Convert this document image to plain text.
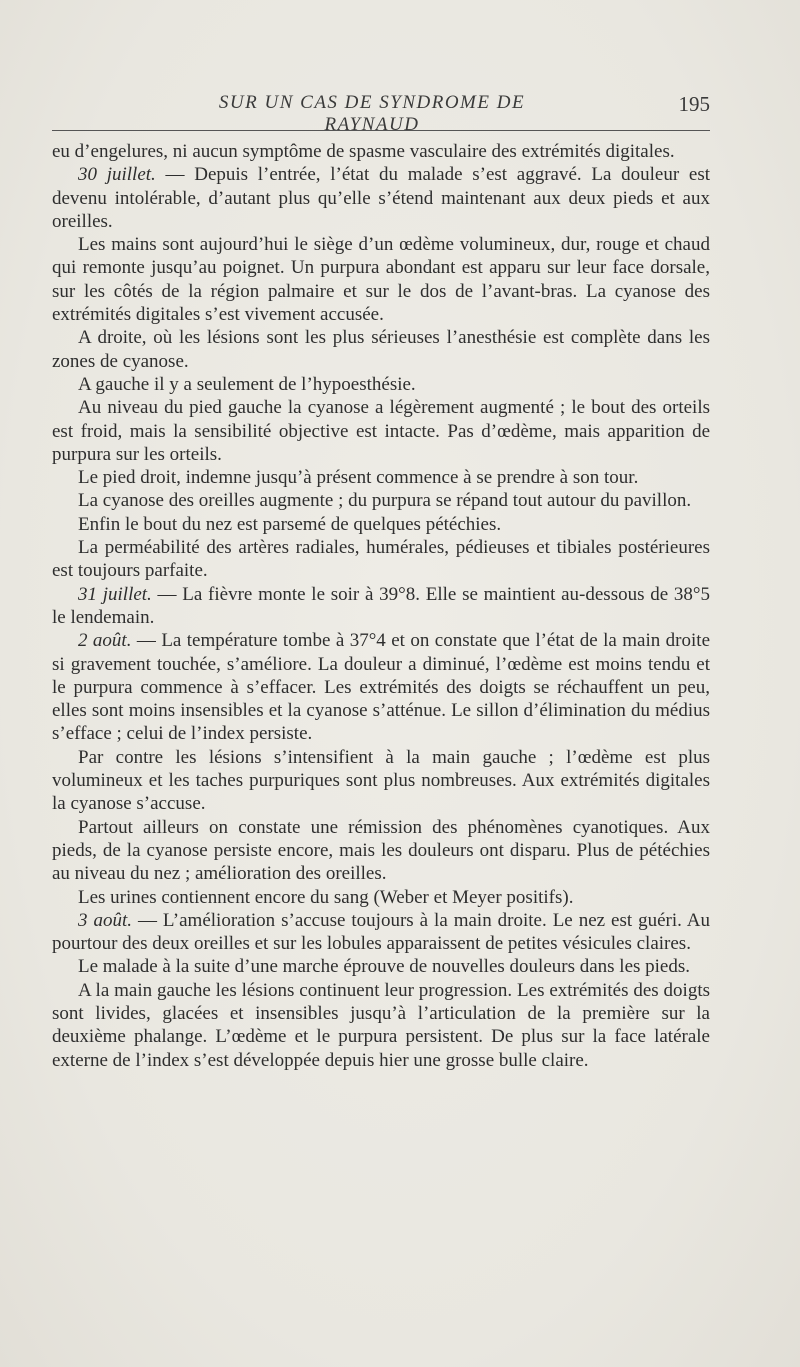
SUR UN CAS DE SYNDROME DE RAYNAUD
195

eu d’engelures, ni aucun symptôme de spasme vasculaire des extrémités digitales.

30 juillet. — Depuis l’entrée, l’état du malade s’est aggravé. La douleur est devenu intolérable, d’autant plus qu’elle s’étend maintenant aux deux pieds et aux oreilles.

Les mains sont aujourd’hui le siège d’un œdème volumineux, dur, rouge et chaud qui remonte jusqu’au poignet. Un purpura abondant est apparu sur leur face dorsale, sur les côtés de la région palmaire et sur le dos de l’avant-bras. La cyanose des extrémités digitales s’est vivement accusée.

A droite, où les lésions sont les plus sérieuses l’anesthésie est complète dans les zones de cyanose.

A gauche il y a seulement de l’hypoesthésie.

Au niveau du pied gauche la cyanose a légèrement augmenté ; le bout des orteils est froid, mais la sensibilité objective est intacte. Pas d’œdème, mais apparition de purpura sur les orteils.

Le pied droit, indemne jusqu’à présent commence à se prendre à son tour.

La cyanose des oreilles augmente ; du purpura se répand tout autour du pavillon.

Enfin le bout du nez est parsemé de quelques pétéchies.

La perméabilité des artères radiales, humérales, pédieuses et tibiales postérieures est toujours parfaite.

31 juillet. — La fièvre monte le soir à 39°8. Elle se maintient au-dessous de 38°5 le lendemain.

2 août. — La température tombe à 37°4 et on constate que l’état de la main droite si gravement touchée, s’améliore. La douleur a diminué, l’œdème est moins tendu et le purpura commence à s’effacer. Les extrémités des doigts se réchauffent un peu, elles sont moins insensibles et la cyanose s’atténue. Le sillon d’élimination du médius s’efface ; celui de l’index persiste.

Par contre les lésions s’intensifient à la main gauche ; l’œdème est plus volumineux et les taches purpuriques sont plus nombreuses. Aux extrémités digitales la cyanose s’accuse.

Partout ailleurs on constate une rémission des phénomènes cyanotiques. Aux pieds, de la cyanose persiste encore, mais les douleurs ont disparu. Plus de pétéchies au niveau du nez ; amélioration des oreilles.

Les urines contiennent encore du sang (Weber et Meyer positifs).

3 août. — L’amélioration s’accuse toujours à la main droite. Le nez est guéri. Au pourtour des deux oreilles et sur les lobules apparaissent de petites vésicules claires.

Le malade à la suite d’une marche éprouve de nouvelles douleurs dans les pieds.

A la main gauche les lésions continuent leur progression. Les extrémités des doigts sont livides, glacées et insensibles jusqu’à l’articulation de la première sur la deuxième phalange. L’œdème et le purpura persistent. De plus sur la face latérale externe de l’index s’est développée depuis hier une grosse bulle claire.
